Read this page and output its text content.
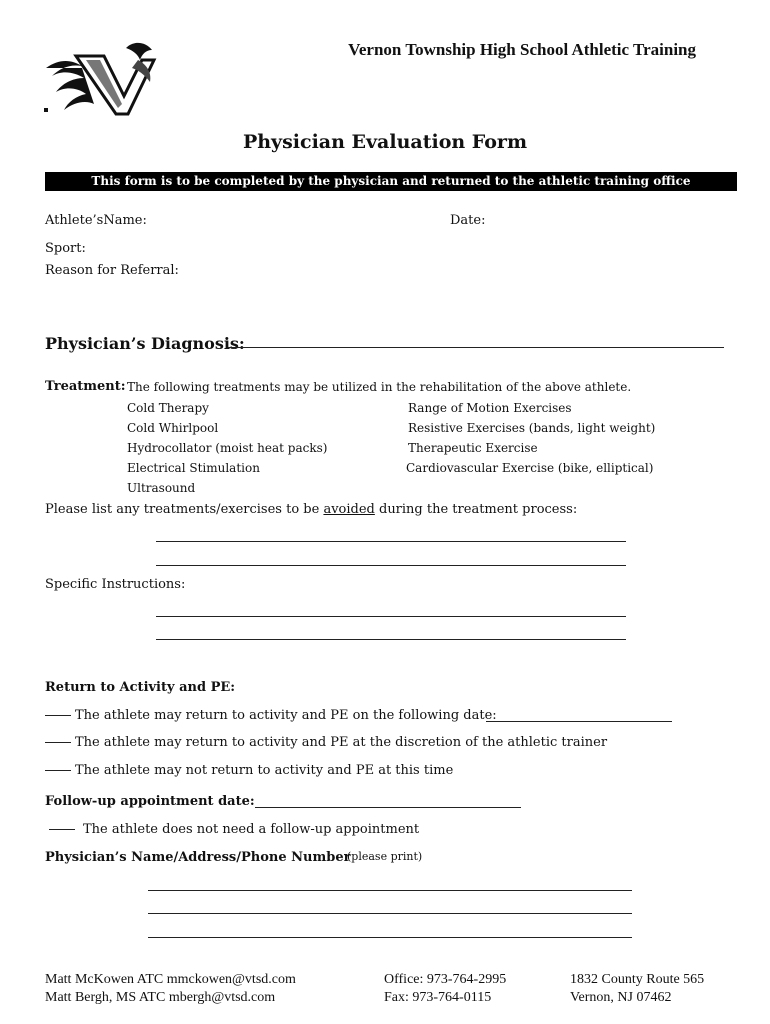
Vernon Township High School Athletic Training
Physician Evaluation Form
This form is to be completed by the physician and returned to the athletic training office
Athlete’sName:	Date:
Sport:
Reason for Referral:
Physician’s Diagnosis:
Treatment: The following treatments may be utilized in the rehabilitation of the above athlete.
Cold Therapy
Cold Whirlpool
Hydrocollator (moist heat packs)
Electrical Stimulation
Ultrasound
Range of Motion Exercises
Resistive Exercises (bands, light weight)
Therapeutic Exercise
Cardiovascular Exercise (bike, elliptical)
Please list any treatments/exercises to be avoided during the treatment process:
Specific Instructions:
Return to Activity and PE:
The athlete may return to activity and PE on the following date:
The athlete may return to activity and PE at the discretion of the athletic trainer
The athlete may not return to activity and PE at this time
Follow-up appointment date:
The athlete does not need a follow-up appointment
Physician’s Name/Address/Phone Number
(please print)
Matt McKowen ATC mmckowen@vtsd.com
Matt Bergh, MS ATC mbergh@vtsd.com
Office: 973-764-2995
Fax: 973-764-0115
1832 County Route 565
Vernon, NJ 07462
